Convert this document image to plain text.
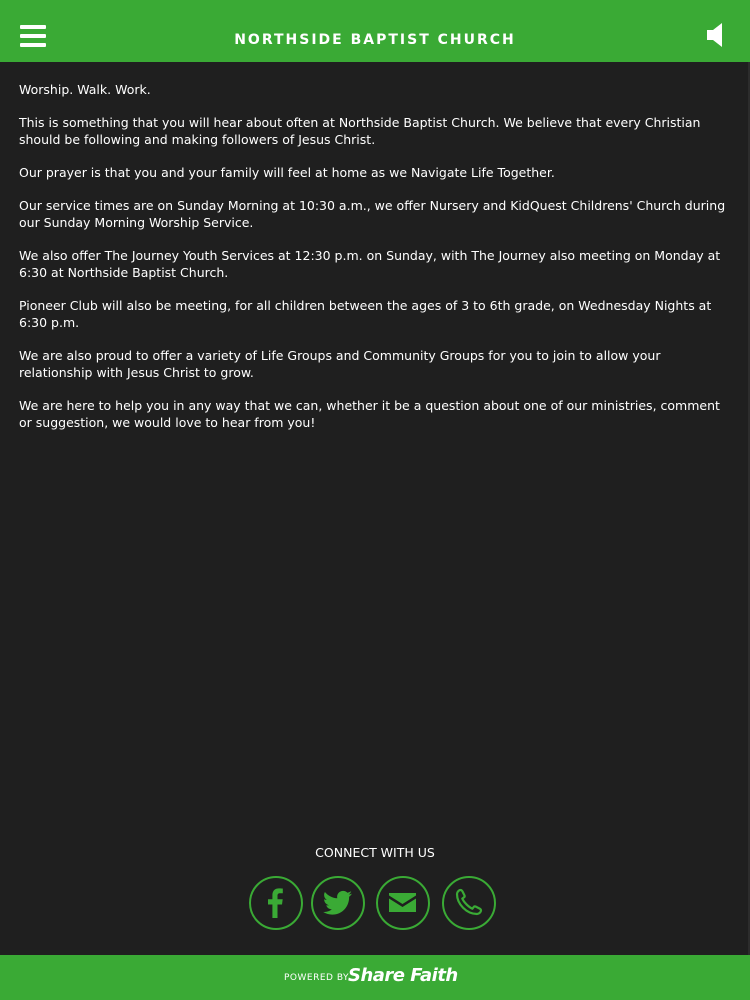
NORTHSIDE BAPTIST CHURCH

Worship. Walk. Work.

This is something that you will hear about often at Northside Baptist Church. We believe that every Christian should be following and making followers of Jesus Christ.

Our prayer is that you and your family will feel at home as we Navigate Life Together.

Our service times are on Sunday Morning at 10:30 a.m., we offer Nursery and KidQuest Childrens' Church during our Sunday Morning Worship Service.

We also offer The Journey Youth Services at 12:30 p.m. on Sunday, with The Journey also meeting on Monday at 6:30 at Northside Baptist Church.

Pioneer Club will also be meeting, for all children between the ages of 3 to 6th grade, on Wednesday Nights at 6:30 p.m.

We are also proud to offer a variety of Life Groups and Community Groups for you to join to allow your relationship with Jesus Christ to grow.

We are here to help you in any way that we can, whether it be a question about one of our ministries, comment or suggestion, we would love to hear from you!

CONNECT WITH US
POWERED BY
Share Faith
